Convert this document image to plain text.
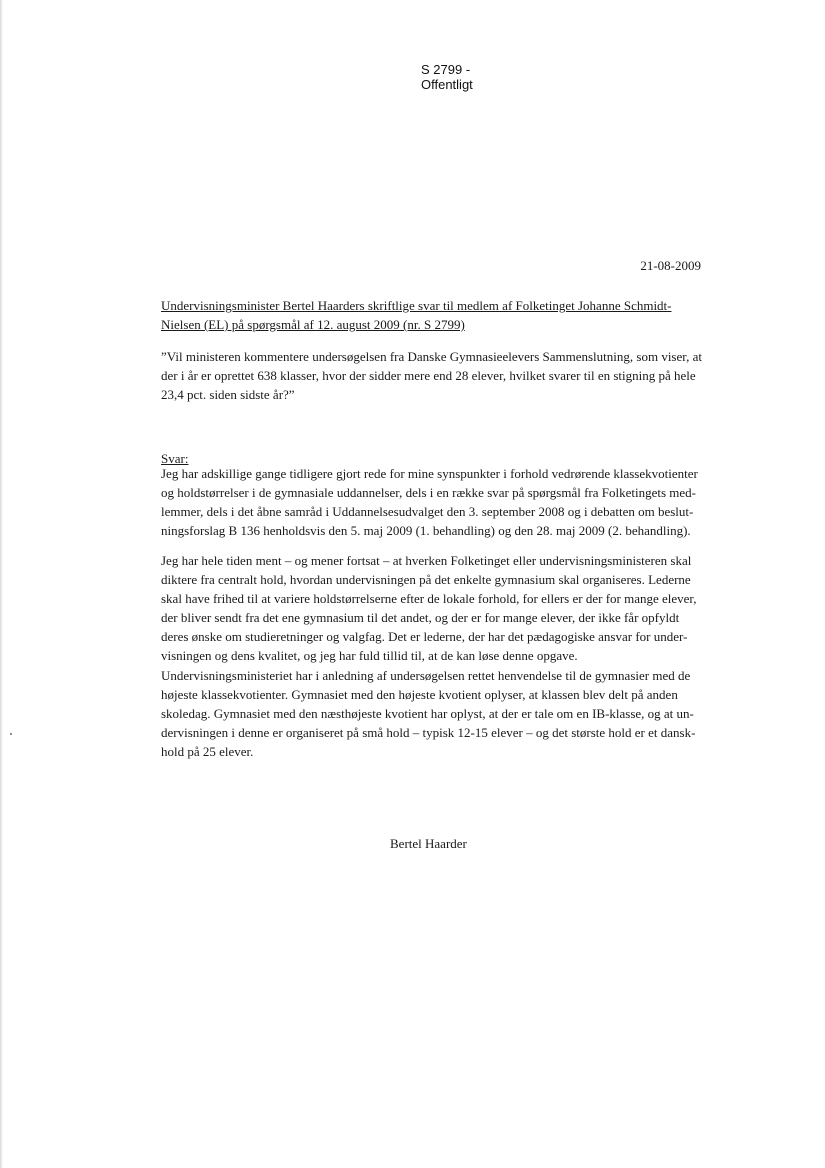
S 2799 -
Offentligt
21-08-2009
Undervisningsminister Bertel Haarders skriftlige svar til medlem af Folketinget Johanne Schmidt-Nielsen (EL) på spørgsmål af 12. august 2009 (nr. S 2799)
”Vil ministeren kommentere undersøgelsen fra Danske Gymnasieelevers Sammenslutning, som viser, at der i år er oprettet 638 klasser, hvor der sidder mere end 28 elever, hvilket svarer til en stigning på hele 23,4 pct. siden sidste år?”
Svar:
Jeg har adskillige gange tidligere gjort rede for mine synspunkter i forhold vedrørende klassekvotienter
og holdstørrelser i de gymnasiale uddannelser, dels i en række svar på spørgsmål fra Folketingets med-
lemmer, dels i det åbne samråd i Uddannelsesudvalget den 3. september 2008 og i debatten om beslut-
ningsforslag B 136 henholdsvis den 5. maj 2009 (1. behandling) og den 28. maj 2009 (2. behandling).
Jeg har hele tiden ment – og mener fortsat – at hverken Folketinget eller undervisningsministeren skal
diktere fra centralt hold, hvordan undervisningen på det enkelte gymnasium skal organiseres. Lederne
skal have frihed til at variere holdstørrelserne efter de lokale forhold, for ellers er der for mange elever,
der bliver sendt fra det ene gymnasium til det andet, og der er for mange elever, der ikke får opfyldt
deres ønske om studieretninger og valgfag. Det er lederne, der har det pædagogiske ansvar for under-
visningen og dens kvalitet, og jeg har fuld tillid til, at de kan løse denne opgave.
Undervisningsministeriet har i anledning af undersøgelsen rettet henvendelse til de gymnasier med de
højeste klassekvotienter. Gymnasiet med den højeste kvotient oplyser, at klassen blev delt på anden
skoledag. Gymnasiet med den næsthøjeste kvotient har oplyst, at der er tale om en IB-klasse, og at un-
dervisningen i denne er organiseret på små hold – typisk 12-15 elever – og det største hold er et dansk-
hold på 25 elever.
Bertel Haarder
